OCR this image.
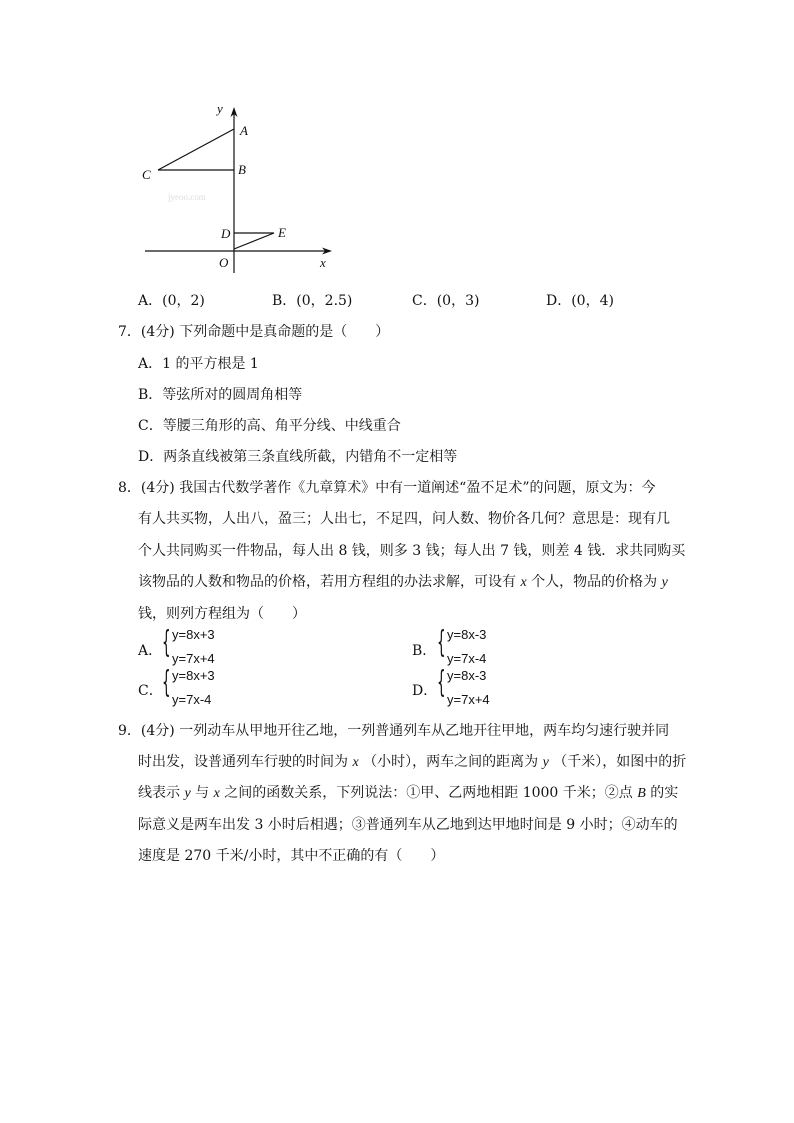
y
A
B
C
D	E
O	x
jyeoo.com
A．(0，2)	B．(0，2.5)	C．(0，3)	D．(0，4)
7．(4分) 下列命题中是真命题的是（　　）
A．1 的平方根是 1
B．等弦所对的圆周角相等
C．等腰三角形的高、角平分线、中线重合
D．两条直线被第三条直线所截，内错角不一定相等
8．(4分) 我国古代数学著作《九章算术》中有一道阐述“盈不足术”的问题，原文为：今
有人共买物，人出八，盈三；人出七，不足四，问人数、物价各几何？意思是：现有几
个人共同购买一件物品，每人出 8 钱，则多 3 钱；每人出 7 钱，则差 4 钱．求共同购买
该物品的人数和物品的价格，若用方程组的办法求解，可设有 x 个人，物品的价格为 y
钱，则列方程组为（　　）
A． { y=8x+3
y=7x+4	B． { y=8x-3
y=7x-4
C． { y=8x+3
y=7x-4
D． { y=8x-3
y=7x+4
9．(4分) 一列动车从甲地开往乙地，一列普通列车从乙地开往甲地，两车均匀速行驶并同
时出发，设普通列车行驶的时间为 x （小时），两车之间的距离为 y （千米），如图中的折
线表示 y 与 x 之间的函数关系，下列说法：①甲、乙两地相距 1000 千米；②点 B 的实
际意义是两车出发 3 小时后相遇；③普通列车从乙地到达甲地时间是 9 小时；④动车的
速度是 270 千米/小时，其中不正确的有（　　）
